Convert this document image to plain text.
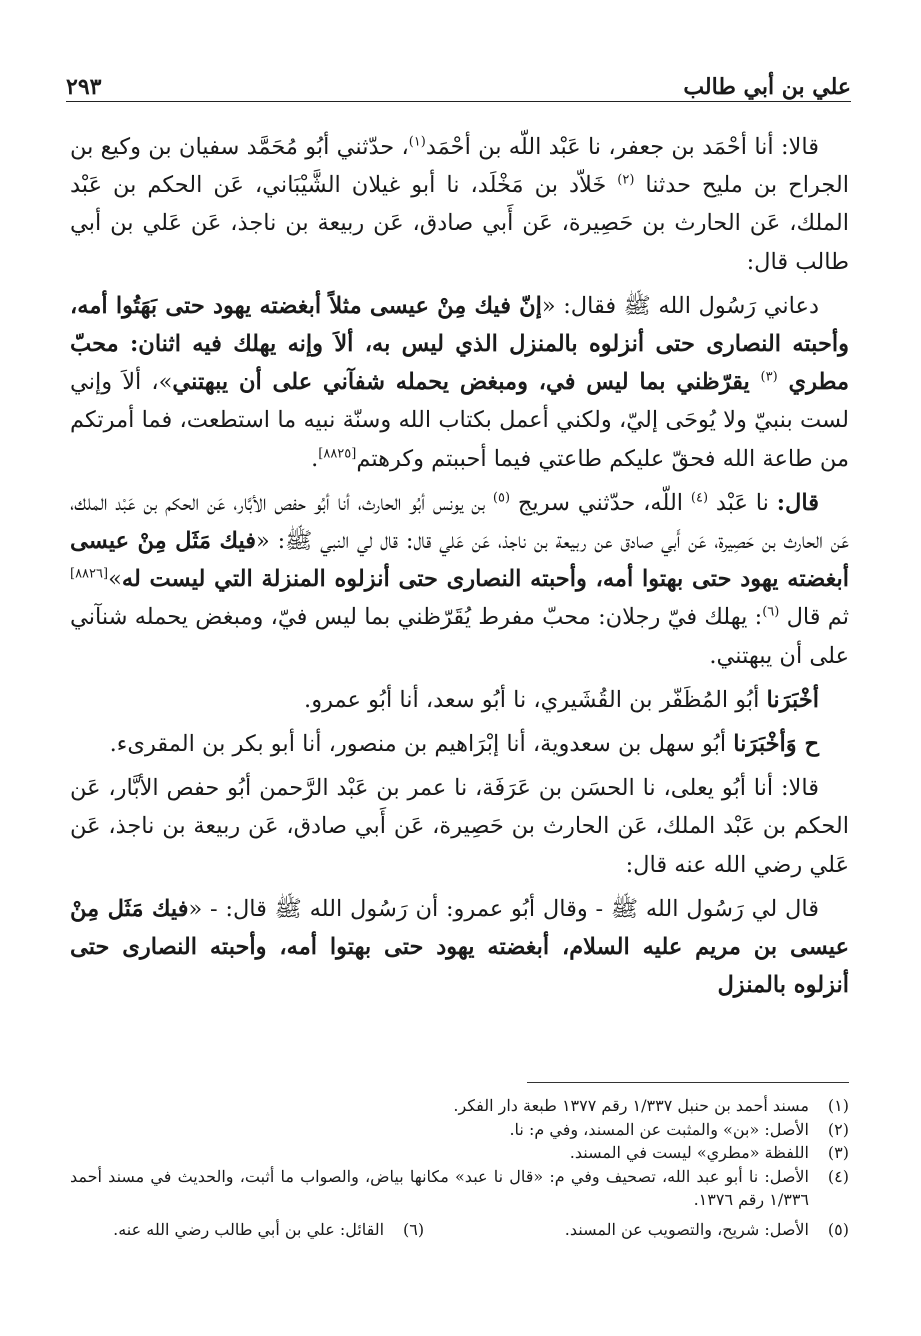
علي بن أبي طالب
٢٩٣

قالا: أنا أحْمَد بن جعفر، نا عَبْد اللّه بن أحْمَد$^{(١)}$، حدّثني أبُو مُحَمَّد سفيان بن وكيع بن الجراح بن مليح حدثنا $^{(٢)}$ خَلاّد بن مَخْلَد، نا أبو غيلان الشَّيْبَاني، عَن الحكم بن عَبْد الملك، عَن الحارث بن حَصِيرة، عَن أَبي صادق، عَن ربيعة بن ناجذ، عَن عَلي بن أبي طالب قال:

دعاني رَسُول الله ﷺ فقال: «إنّ فيك مِنْ عيسى مثلاً أبغضته يهود حتى بَهَتُوا أمه، وأحبته النصارى حتى أنزلوه بالمنزل الذي ليس به، ألاَ وإنه يهلك فيه اثنان: محبّ مطري $^{(٣)}$ يقرّظني بما ليس في، ومبغض يحمله شفآني على أن يبهتني»، ألاَ وإني لست بنبيّ ولا يُوحَى إليّ، ولكني أعمل بكتاب الله وسنّة نبيه ما استطعت، فما أمرتكم من طاعة الله فحقّ عليكم طاعتي فيما أحببتم وكرهتم[٨٨٢٥].

قال: نا عَبْد $^{(٤)}$ اللّه، حدّثني سريج $^{(٥)}$ بن يونس أبُو الحارث، أنا أبُو حفص الأبَّار، عَن الحكم بن عَبْد الملك، عَن الحارث بن حَصِيرة، عَن أَبي صادق عن ربيعة بن ناجذ، عَن عَلي قال: قال لي النبي ﷺ: «فيك مَثَل مِنْ عيسى أبغضته يهود حتى بهتوا أمه، وأحبته النصارى حتى أنزلوه المنزلة التي ليست له»[٨٨٢٦] ثم قال $^{(٦)}$: يهلك فيّ رجلان: محبّ مفرط يُقَرّظني بما ليس فيّ، ومبغض يحمله شنآني على أن يبهتني.

أخْبَرَنا أبُو المُظَفّر بن القُشَيري، نا أبُو سعد، أنا أبُو عمرو.

ح وَأخْبَرَنا أبُو سهل بن سعدوية، أنا إبْرَاهيم بن منصور، أنا أبو بكر بن المقرىء.

قالا: أنا أبُو يعلى، نا الحسَن بن عَرَفَة، نا عمر بن عَبْد الرَّحمن أبُو حفص الأبَّار، عَن الحكم بن عَبْد الملك، عَن الحارث بن حَصِيرة، عَن أَبي صادق، عَن ربيعة بن ناجذ، عَن عَلي رضي الله عنه قال:

قال لي رَسُول الله ﷺ - وقال أبُو عمرو: أن رَسُول الله ﷺ قال: - «فيك مَثَل مِنْ عيسى بن مريم عليه السلام، أبغضته يهود حتى بهتوا أمه، وأحبته النصارى حتى أنزلوه بالمنزل

(١)
مسند أحمد بن حنبل ١/٣٣٧ رقم ١٣٧٧ طبعة دار الفكر.
(٢)
الأصل: «بن» والمثبت عن المسند، وفي م: نا.
(٣)
اللفظة «مطري» ليست في المسند.
(٤)
الأصل: نا أبو عبد الله، تصحيف وفي م: «قال نا عبد» مكانها بياض، والصواب ما أثبت، والحديث في مسند أحمد ١/٣٣٦ رقم ١٣٧٦.
(٥)
الأصل: شريح، والتصويب عن المسند.
(٦)
القائل: علي بن أبي طالب رضي الله عنه.
